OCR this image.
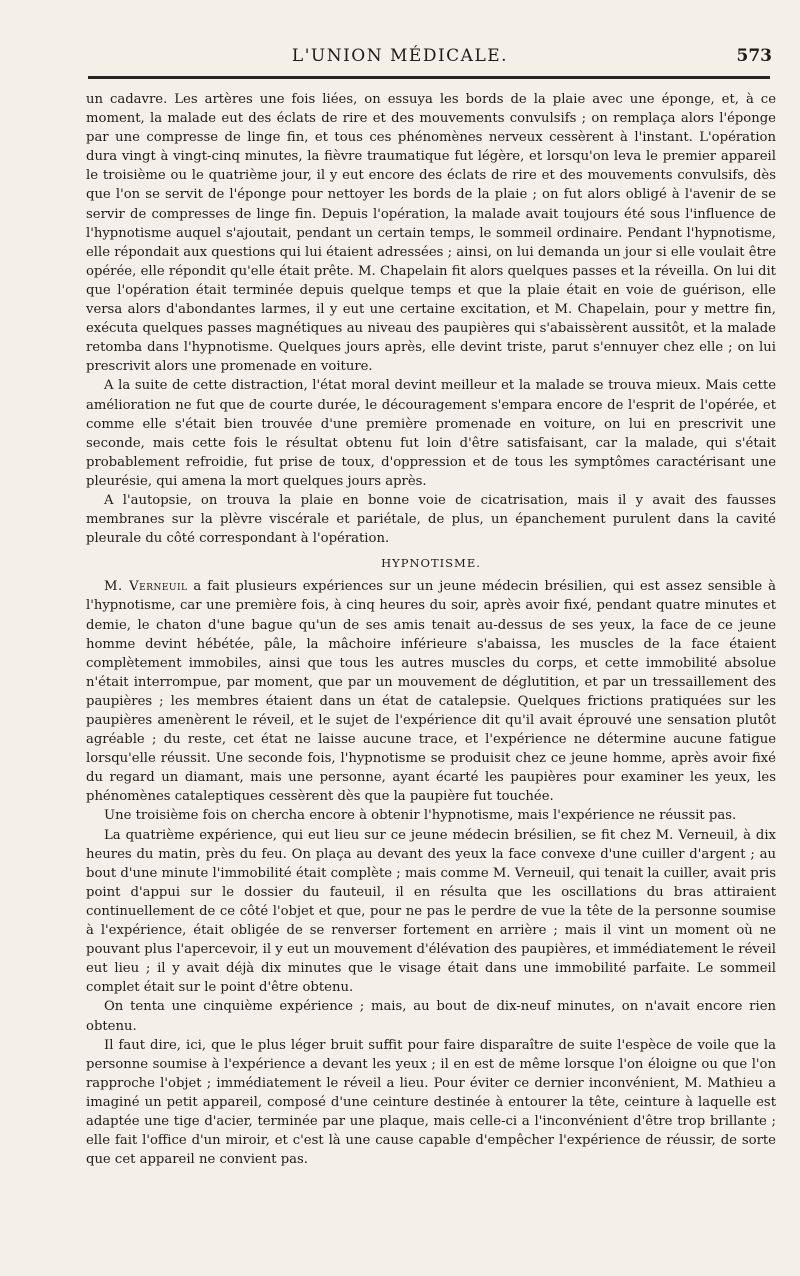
L'UNION MÉDICALE.	573

un cadavre. Les artères une fois liées, on essuya les bords de la plaie avec une éponge, et, à ce moment, la malade eut des éclats de rire et des mouvements convulsifs ; on remplaça alors l'éponge par une compresse de linge fin, et tous ces phénomènes nerveux cessèrent à l'instant. L'opération dura vingt à vingt-cinq minutes, la fièvre traumatique fut légère, et lorsqu'on leva le premier appareil le troisième ou le quatrième jour, il y eut encore des éclats de rire et des mouvements convulsifs, dès que l'on se servit de l'éponge pour nettoyer les bords de la plaie ; on fut alors obligé à l'avenir de se servir de compresses de linge fin. Depuis l'opération, la malade avait toujours été sous l'influence de l'hypnotisme auquel s'ajoutait, pendant un certain temps, le sommeil ordinaire. Pendant l'hypnotisme, elle répondait aux questions qui lui étaient adressées ; ainsi, on lui demanda un jour si elle voulait être opérée, elle répondit qu'elle était prête. M. Chapelain fit alors quelques passes et la réveilla. On lui dit que l'opération était terminée depuis quelque temps et que la plaie était en voie de guérison, elle versa alors d'abondantes larmes, il y eut une certaine excitation, et M. Chapelain, pour y mettre fin, exécuta quelques passes magnétiques au niveau des paupières qui s'abaissèrent aussitôt, et la malade retomba dans l'hypnotisme. Quelques jours après, elle devint triste, parut s'ennuyer chez elle ; on lui prescrivit alors une promenade en voiture.

A la suite de cette distraction, l'état moral devint meilleur et la malade se trouva mieux. Mais cette amélioration ne fut que de courte durée, le découragement s'empara encore de l'esprit de l'opérée, et comme elle s'était bien trouvée d'une première promenade en voiture, on lui en prescrivit une seconde, mais cette fois le résultat obtenu fut loin d'être satisfaisant, car la malade, qui s'était probablement refroidie, fut prise de toux, d'oppression et de tous les symptômes caractérisant une pleurésie, qui amena la mort quelques jours après.

A l'autopsie, on trouva la plaie en bonne voie de cicatrisation, mais il y avait des fausses membranes sur la plèvre viscérale et pariétale, de plus, un épanchement purulent dans la cavité pleurale du côté correspondant à l'opération.

HYPNOTISME.

M. Verneuil a fait plusieurs expériences sur un jeune médecin brésilien, qui est assez sensible à l'hypnotisme, car une première fois, à cinq heures du soir, après avoir fixé, pendant quatre minutes et demie, le chaton d'une bague qu'un de ses amis tenait au-dessus de ses yeux, la face de ce jeune homme devint hébétée, pâle, la mâchoire inférieure s'abaissa, les muscles de la face étaient complètement immobiles, ainsi que tous les autres muscles du corps, et cette immobilité absolue n'était interrompue, par moment, que par un mouvement de déglutition, et par un tressaillement des paupières ; les membres étaient dans un état de catalepsie. Quelques frictions pratiquées sur les paupières amenèrent le réveil, et le sujet de l'expérience dit qu'il avait éprouvé une sensation plutôt agréable ; du reste, cet état ne laisse aucune trace, et l'expérience ne détermine aucune fatigue lorsqu'elle réussit. Une seconde fois, l'hypnotisme se produisit chez ce jeune homme, après avoir fixé du regard un diamant, mais une personne, ayant écarté les paupières pour examiner les yeux, les phénomènes cataleptiques cessèrent dès que la paupière fut touchée.

Une troisième fois on chercha encore à obtenir l'hypnotisme, mais l'expérience ne réussit pas.

La quatrième expérience, qui eut lieu sur ce jeune médecin brésilien, se fit chez M. Verneuil, à dix heures du matin, près du feu. On plaça au devant des yeux la face convexe d'une cuiller d'argent ; au bout d'une minute l'immobilité était complète ; mais comme M. Verneuil, qui tenait la cuiller, avait pris point d'appui sur le dossier du fauteuil, il en résulta que les oscillations du bras attiraient continuellement de ce côté l'objet et que, pour ne pas le perdre de vue la tête de la personne soumise à l'expérience, était obligée de se renverser fortement en arrière ; mais il vint un moment où ne pouvant plus l'apercevoir, il y eut un mouvement d'élévation des paupières, et immédiatement le réveil eut lieu ; il y avait déjà dix minutes que le visage était dans une immobilité parfaite. Le sommeil complet était sur le point d'être obtenu.

On tenta une cinquième expérience ; mais, au bout de dix-neuf minutes, on n'avait encore rien obtenu.

Il faut dire, ici, que le plus léger bruit suffit pour faire disparaître de suite l'espèce de voile que la personne soumise à l'expérience a devant les yeux ; il en est de même lorsque l'on éloigne ou que l'on rapproche l'objet ; immédiatement le réveil a lieu. Pour éviter ce dernier inconvénient, M. Mathieu a imaginé un petit appareil, composé d'une ceinture destinée à entourer la tête, ceinture à laquelle est adaptée une tige d'acier, terminée par une plaque, mais celle-ci a l'inconvénient d'être trop brillante ; elle fait l'office d'un miroir, et c'est là une cause capable d'empêcher l'expérience de réussir, de sorte que cet appareil ne convient pas.
